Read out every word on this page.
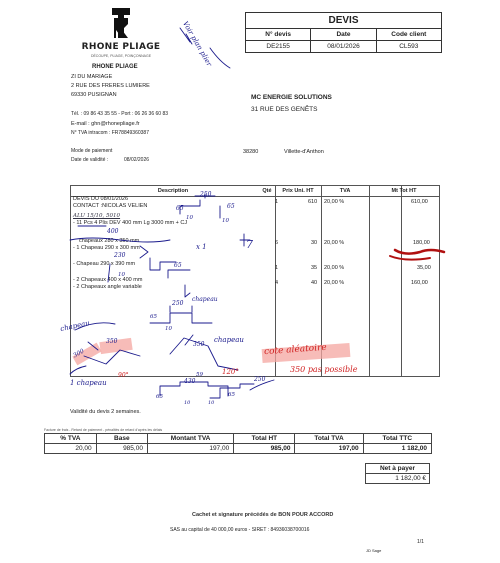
RHONE PLIAGE
DÉCOUPE, PLIAGE, POINÇONNAGE
RHONE PLIAGE
ZI DU MARIAGE
2 RUE DES FRERES LUMIERE
69330 PUSIGNAN
Tél. : 09 86 43 35 55 - Port : 06 26 36 60 83
E-mail : ghn@rhonepliage.fr
N° TVA intracom : FR78849360387
Mode de paiement
Date de validité :	08/02/2026
DEVIS
N° devis	Date	Code client
DE2155	08/01/2026	CL593
MC ENERGIE SOLUTIONS
31 RUE DES GENÊTS
38280	Villette-d'Anthon
Description	Qté	Prix Uni. HT	TVA	Mt Tot HT
DEVIS DU 08/01/2026
CONTACT :NICOLAS VELIEN
1	610 20,00 %	610,00
ALU 15/10, 5010
- 11 Pcs 4 Plis DEV 400 mm Lg 3000 mm + CJ
chapeaux 280 x 350 mm	6	30 20,00 %	180,00
- 1 Chapeau 290 x 300 mm
- Chapeau 290 x 390 mm
1	35 20,00 %	35,00
- 2 Chapeaux 400 x 400 mm	4	40 20,00 %	160,00
- 2 Chapeaux angle variable
Voir plan plier
250
65	65
10	10
400
x 1	7
230
10
65
250
chapeau
65
10
chapeau
chapeau
350
300
350
59	120°
90°
cote aléatoire
350 pas possible
1 chapeau	430	250
65	65
10	10
Validité du devis 2 semaines.
Facture de frais - Retard de paiement - pénalités de retard d'après les délais
% TVA	Base	Montant TVA	Total HT	Total TVA	Total TTC
20,00	985,00	197,00	985,00	197,00	1 182,00
Net à payer
1 182,00 €
Cachet et signature précédés de BON POUR ACCORD
SAS au capital de 40 000,00 euros - SIRET : 84936038700016
1/1
JD Sage
